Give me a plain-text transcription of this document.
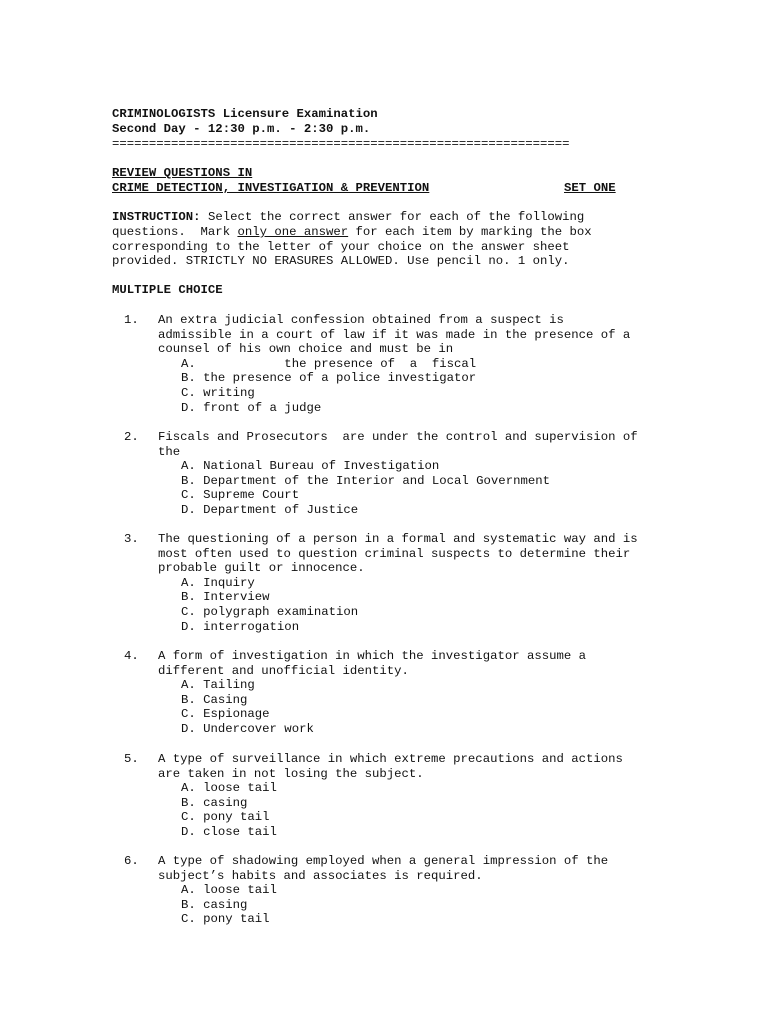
CRIMINOLOGISTS Licensure Examination
Second Day - 12:30 p.m. - 2:30 p.m.
==============================================================
REVIEW QUESTIONS IN
CRIME DETECTION, INVESTIGATION & PREVENTION	SET ONE
INSTRUCTION: Select the correct answer for each of the following
questions.  Mark only one answer for each item by marking the box
corresponding to the letter of your choice on the answer sheet
provided. STRICTLY NO ERASURES ALLOWED. Use pencil no. 1 only.
MULTIPLE CHOICE
1. An extra judicial confession obtained from a suspect is
admissible in a court of law if it was made in the presence of a
counsel of his own choice and must be in
A.            the presence of  a  fiscal
B. the presence of a police investigator
C. writing
D. front of a judge
2. Fiscals and Prosecutors  are under the control and supervision of
the
A. National Bureau of Investigation
B. Department of the Interior and Local Government
C. Supreme Court
D. Department of Justice
3. The questioning of a person in a formal and systematic way and is
most often used to question criminal suspects to determine their
probable guilt or innocence.
A. Inquiry
B. Interview
C. polygraph examination
D. interrogation
4. A form of investigation in which the investigator assume a
different and unofficial identity.
A. Tailing
B. Casing
C. Espionage
D. Undercover work
5. A type of surveillance in which extreme precautions and actions
are taken in not losing the subject.
A. loose tail
B. casing
C. pony tail
D. close tail
6. A type of shadowing employed when a general impression of the
subject’s habits and associates is required.
A. loose tail
B. casing
C. pony tail
